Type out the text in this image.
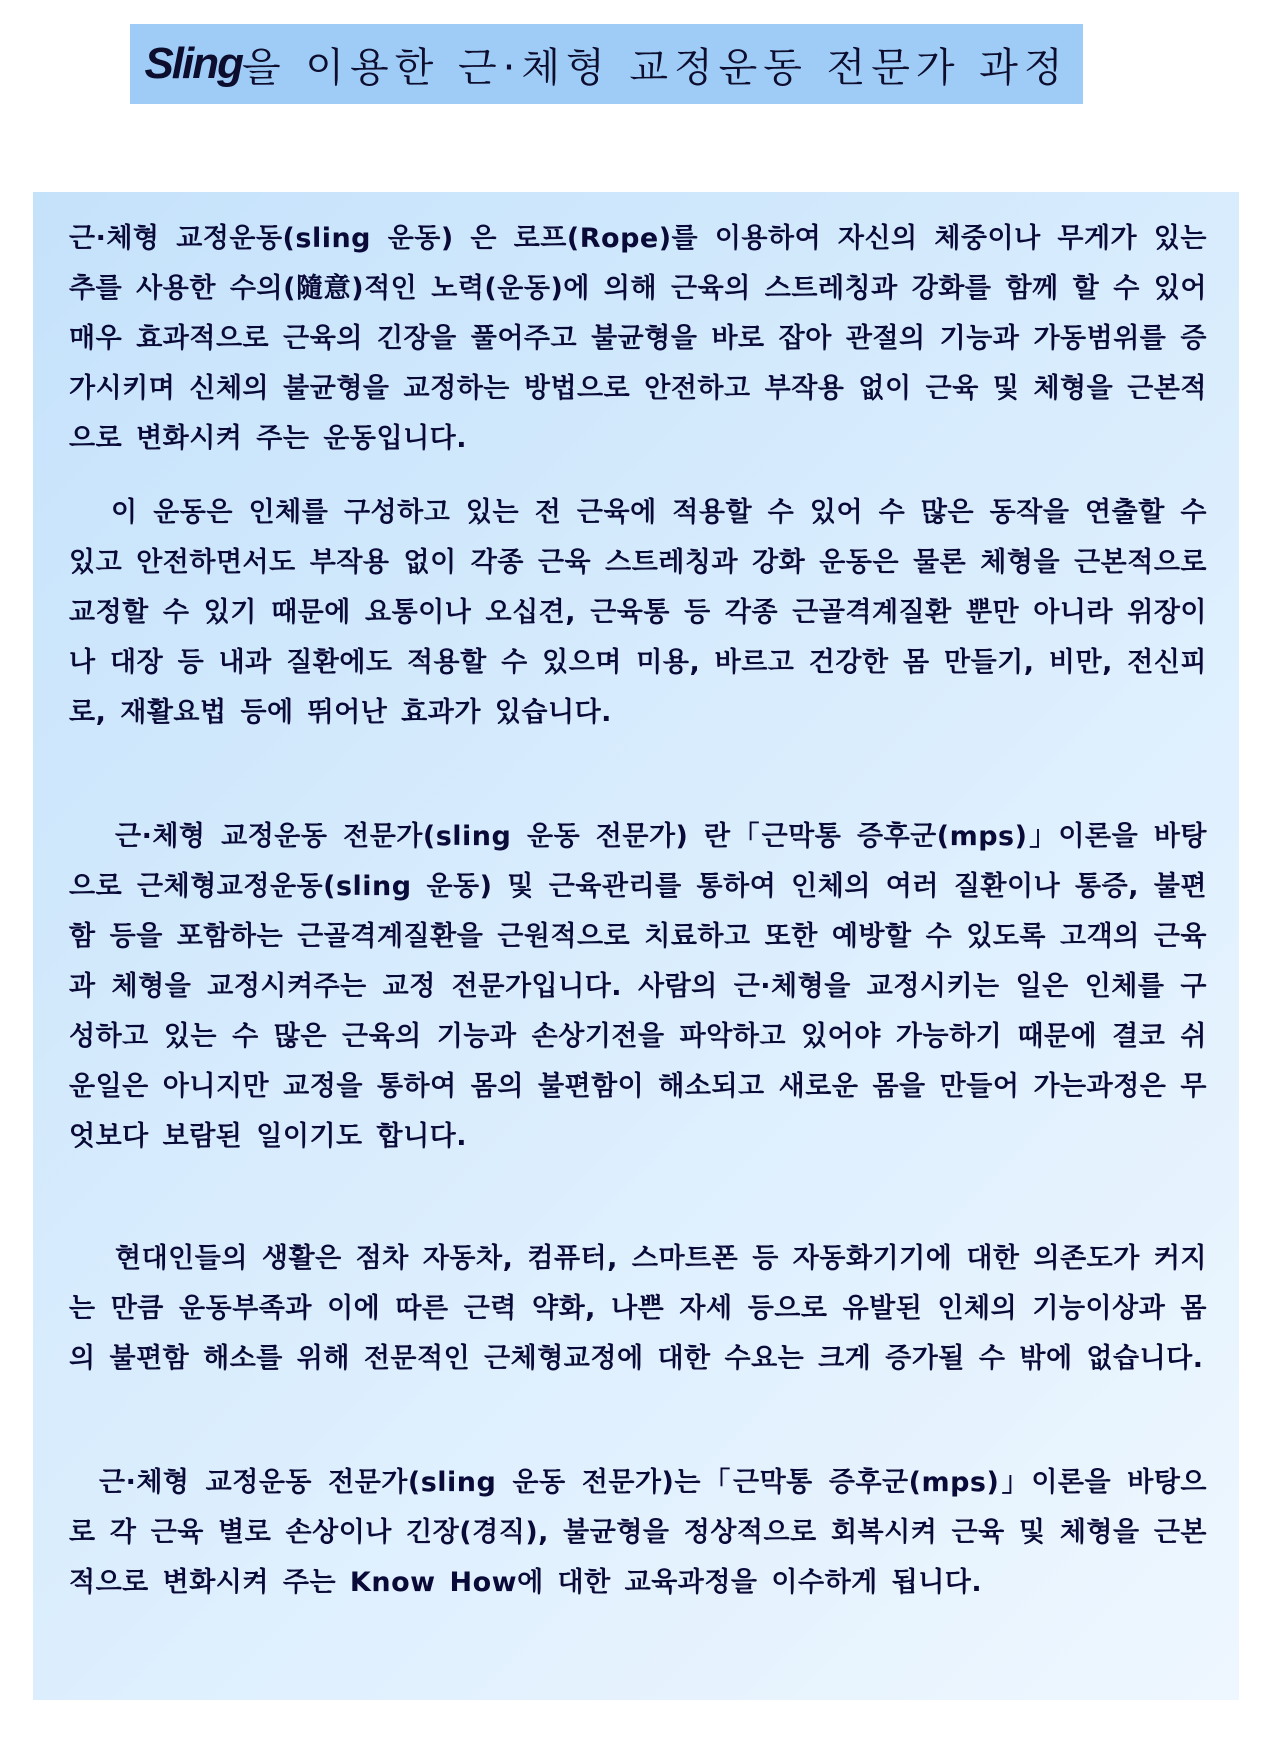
Sling 을 이용한 근·체형 교정운동 전문가 과정

근·체형 교정운동(sling 운동) 은 로프(Rope)를 이용하여 자신의 체중이나 무게가 있는 추를 사용한 수의(隨意)적인 노력(운동)에 의해 근육의 스트레칭과 강화를 함께 할 수 있어 매우 효과적으로 근육의 긴장을 풀어주고 불균형을 바로 잡아 관절의 기능과 가동범위를 증가시키며 신체의 불균형을 교정하는 방법으로 안전하고 부작용 없이 근육 및 체형을 근본적으로 변화시켜 주는 운동입니다.

이 운동은 인체를 구성하고 있는 전 근육에 적용할 수 있어 수 많은 동작을 연출할 수 있고 안전하면서도 부작용 없이 각종 근육 스트레칭과 강화 운동은 물론 체형을 근본적으로 교정할 수 있기 때문에 요통이나 오십견, 근육통 등 각종 근골격계질환 뿐만 아니라 위장이나 대장 등 내과 질환에도 적용할 수 있으며 미용, 바르고 건강한 몸 만들기, 비만, 전신피로, 재활요법 등에 뛰어난 효과가 있습니다.

근·체형 교정운동 전문가(sling 운동 전문가) 란「근막통 증후군(mps)」이론을 바탕으로 근체형교정운동(sling 운동) 및 근육관리를 통하여 인체의 여러 질환이나 통증, 불편함 등을 포함하는 근골격계질환을 근원적으로 치료하고 또한 예방할 수 있도록 고객의 근육과 체형을 교정시켜주는 교정 전문가입니다. 사람의 근·체형을 교정시키는 일은 인체를 구성하고 있는 수 많은 근육의 기능과 손상기전을 파악하고 있어야 가능하기 때문에 결코 쉬운일은 아니지만 교정을 통하여 몸의 불편함이 해소되고 새로운 몸을 만들어 가는과정은 무엇보다 보람된 일이기도 합니다.

현대인들의 생활은 점차 자동차, 컴퓨터, 스마트폰 등 자동화기기에 대한 의존도가 커지는 만큼 운동부족과 이에 따른 근력 약화, 나쁜 자세 등으로 유발된 인체의 기능이상과 몸의 불편함 해소를 위해 전문적인 근체형교정에 대한 수요는 크게 증가될 수 밖에 없습니다.

근·체형 교정운동 전문가(sling 운동 전문가)는「근막통 증후군(mps)」이론을 바탕으로 각 근육 별로 손상이나 긴장(경직), 불균형을 정상적으로 회복시켜 근육 및 체형을 근본적으로 변화시켜 주는 Know How에 대한 교육과정을 이수하게 됩니다.
